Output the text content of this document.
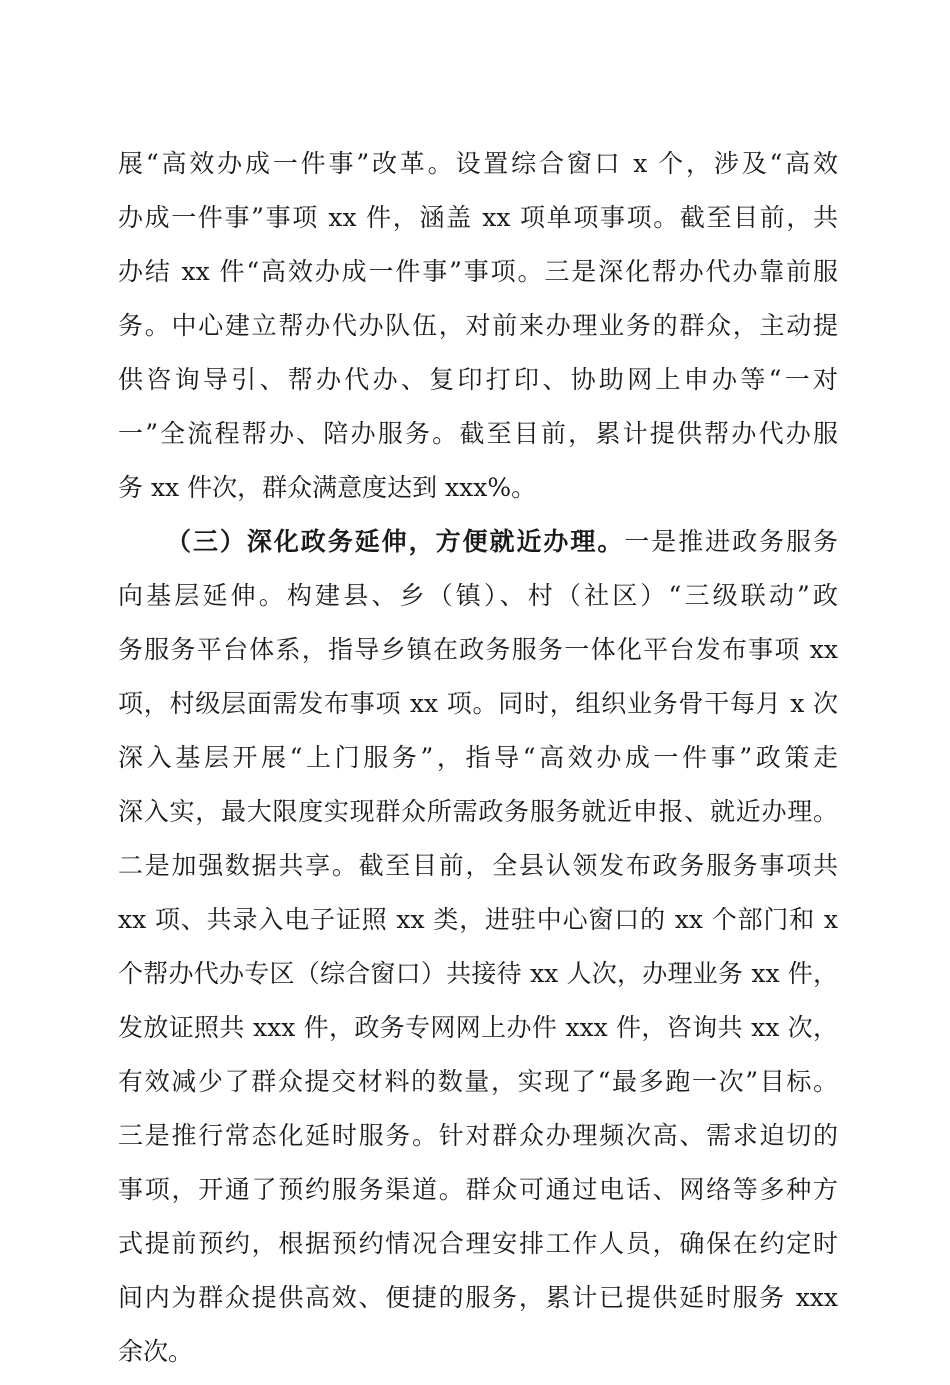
展“高效办成一件事”改革。设置综合窗口 x 个，涉及“高效
办成一件事”事项 xx 件，涵盖 xx 项单项事项。截至目前，共
办结 xx 件“高效办成一件事”事项。三是深化帮办代办靠前服
务。中心建立帮办代办队伍，对前来办理业务的群众，主动提
供咨询导引、帮办代办、复印打印、协助网上申办等“一对
一”全流程帮办、陪办服务。截至目前，累计提供帮办代办服
务 xx 件次，群众满意度达到 xxx%。
（三）深化政务延伸，方便就近办理。一是推进政务服务
向基层延伸。构建县、乡（镇）、村（社区）“三级联动”政
务服务平台体系，指导乡镇在政务服务一体化平台发布事项 xx
项，村级层面需发布事项 xx 项。同时，组织业务骨干每月 x 次
深入基层开展“上门服务”，指导“高效办成一件事”政策走
深入实，最大限度实现群众所需政务服务就近申报、就近办理。
二是加强数据共享。截至目前，全县认领发布政务服务事项共
xx 项、共录入电子证照 xx 类，进驻中心窗口的 xx 个部门和 x
个帮办代办专区（综合窗口）共接待 xx 人次，办理业务 xx 件，
发放证照共 xxx 件，政务专网网上办件 xxx 件，咨询共 xx 次，
有效减少了群众提交材料的数量，实现了“最多跑一次”目标。
三是推行常态化延时服务。针对群众办理频次高、需求迫切的
事项，开通了预约服务渠道。群众可通过电话、网络等多种方
式提前预约，根据预约情况合理安排工作人员，确保在约定时
间内为群众提供高效、便捷的服务，累计已提供延时服务 xxx
余次。
